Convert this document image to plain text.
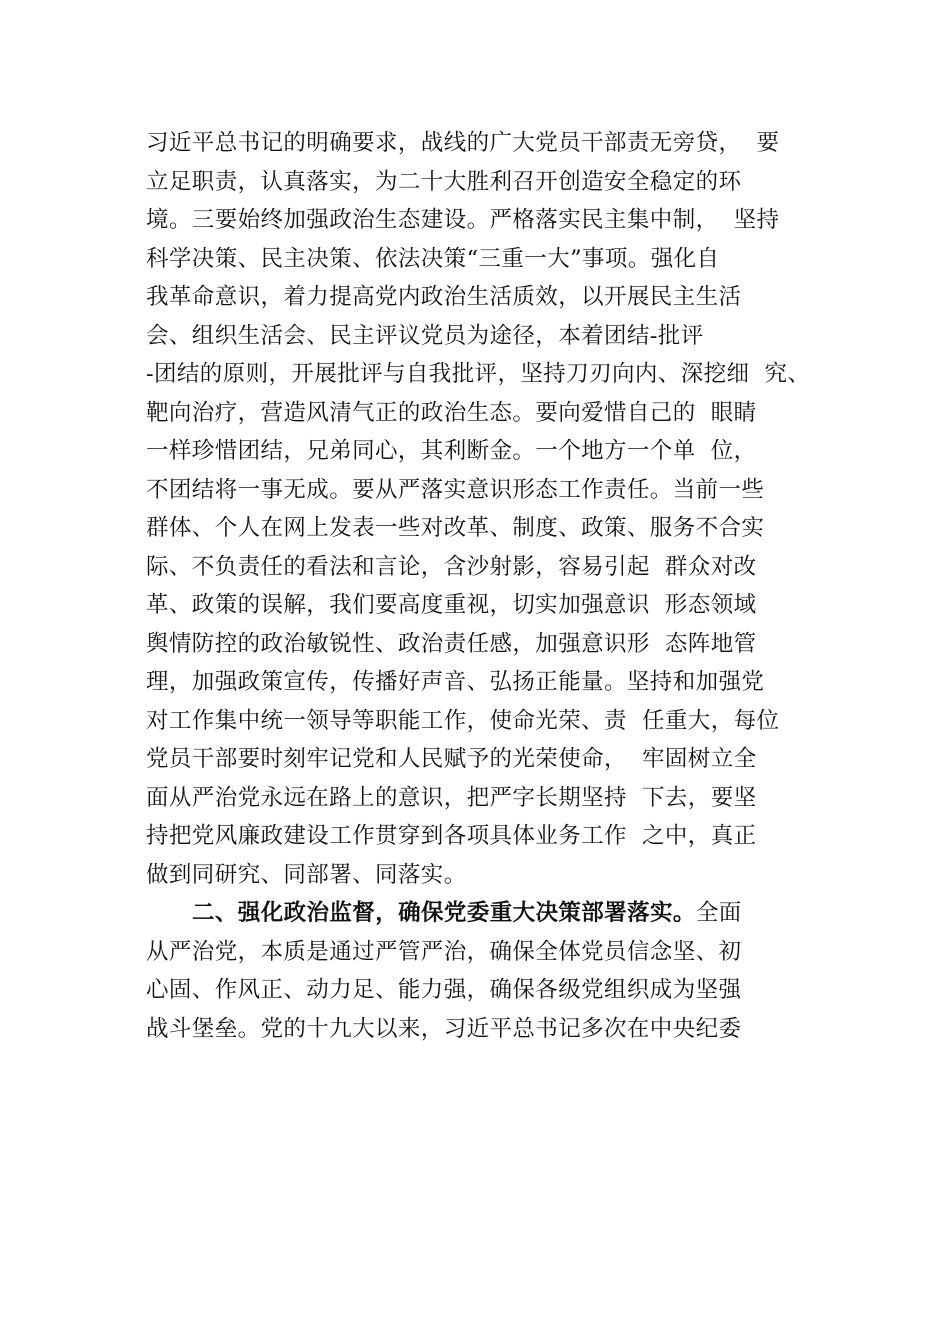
习近平总书记的明确要求，战线的广大党员干部责无旁贷，  要
立足职责，认真落实，为二十大胜利召开创造安全稳定的环
境。三要始终加强政治生态建设。严格落实民主集中制，  坚持
科学决策、民主决策、依法决策“三重一大”事项。强化自
我革命意识，着力提高党内政治生活质效，以开展民主生活
会、组织生活会、民主评议党员为途径，本着团结-批评
-团结的原则，开展批评与自我批评，坚持刀刃向内、深挖细  究、
靶向治疗，营造风清气正的政治生态。要向爱惜自己的  眼睛
一样珍惜团结，兄弟同心，其利断金。一个地方一个单  位，
不团结将一事无成。要从严落实意识形态工作责任。当前一些
群体、个人在网上发表一些对改革、制度、政策、服务不合实
际、不负责任的看法和言论，含沙射影，容易引起  群众对改
革、政策的误解，我们要高度重视，切实加强意识  形态领域
舆情防控的政治敏锐性、政治责任感，加强意识形  态阵地管
理，加强政策宣传，传播好声音、弘扬正能量。坚持和加强党
对工作集中统一领导等职能工作，使命光荣、责  任重大，每位
党员干部要时刻牢记党和人民赋予的光荣使命，  牢固树立全
面从严治党永远在路上的意识，把严字长期坚持  下去，要坚
持把党风廉政建设工作贯穿到各项具体业务工作  之中，真正
做到同研究、同部署、同落实。
二、强化政治监督，确保党委重大决策部署落实。全面
从严治党，本质是通过严管严治，确保全体党员信念坚、初
心固、作风正、动力足、能力强，确保各级党组织成为坚强
战斗堡垒。党的十九大以来，习近平总书记多次在中央纪委
